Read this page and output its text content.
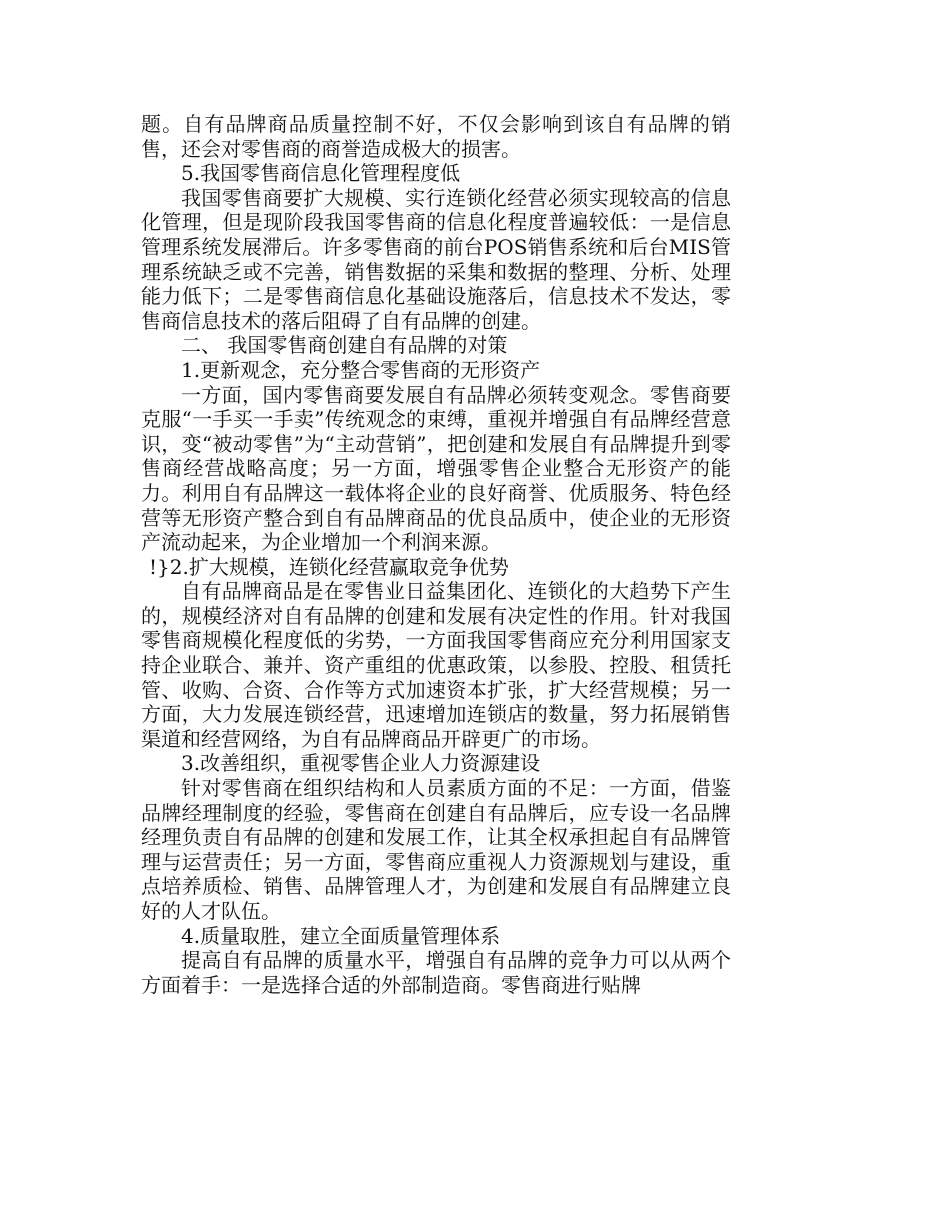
题。自有品牌商品质量控制不好，不仅会影响到该自有品牌的销售，还会对零售商的商誉造成极大的损害。

5.我国零售商信息化管理程度低

我国零售商要扩大规模、实行连锁化经营必须实现较高的信息化管理，但是现阶段我国零售商的信息化程度普遍较低：一是信息管理系统发展滞后。许多零售商的前台POS销售系统和后台MIS管理系统缺乏或不完善，销售数据的采集和数据的整理、分析、处理能力低下；二是零售商信息化基础设施落后，信息技术不发达，零售商信息技术的落后阻碍了自有品牌的创建。

二、 我国零售商创建自有品牌的对策

1.更新观念，充分整合零售商的无形资产

一方面，国内零售商要发展自有品牌必须转变观念。零售商要克服“一手买一手卖”传统观念的束缚，重视并增强自有品牌经营意识，变“被动零售”为“主动营销”，把创建和发展自有品牌提升到零售商经营战略高度；另一方面，增强零售企业整合无形资产的能力。利用自有品牌这一载体将企业的良好商誉、优质服务、特色经营等无形资产整合到自有品牌商品的优良品质中，使企业的无形资产流动起来，为企业增加一个利润来源。

!}2.扩大规模，连锁化经营赢取竞争优势

自有品牌商品是在零售业日益集团化、连锁化的大趋势下产生的，规模经济对自有品牌的创建和发展有决定性的作用。针对我国零售商规模化程度低的劣势，一方面我国零售商应充分利用国家支持企业联合、兼并、资产重组的优惠政策，以参股、控股、租赁托管、收购、合资、合作等方式加速资本扩张，扩大经营规模；另一方面，大力发展连锁经营，迅速增加连锁店的数量，努力拓展销售渠道和经营网络，为自有品牌商品开辟更广的市场。

3.改善组织，重视零售企业人力资源建设

针对零售商在组织结构和人员素质方面的不足：一方面，借鉴品牌经理制度的经验，零售商在创建自有品牌后，应专设一名品牌经理负责自有品牌的创建和发展工作，让其全权承担起自有品牌管理与运营责任；另一方面，零售商应重视人力资源规划与建设，重点培养质检、销售、品牌管理人才，为创建和发展自有品牌建立良好的人才队伍。

4.质量取胜，建立全面质量管理体系

提高自有品牌的质量水平，增强自有品牌的竞争力可以从两个方面着手：一是选择合适的外部制造商。零售商进行贴牌
